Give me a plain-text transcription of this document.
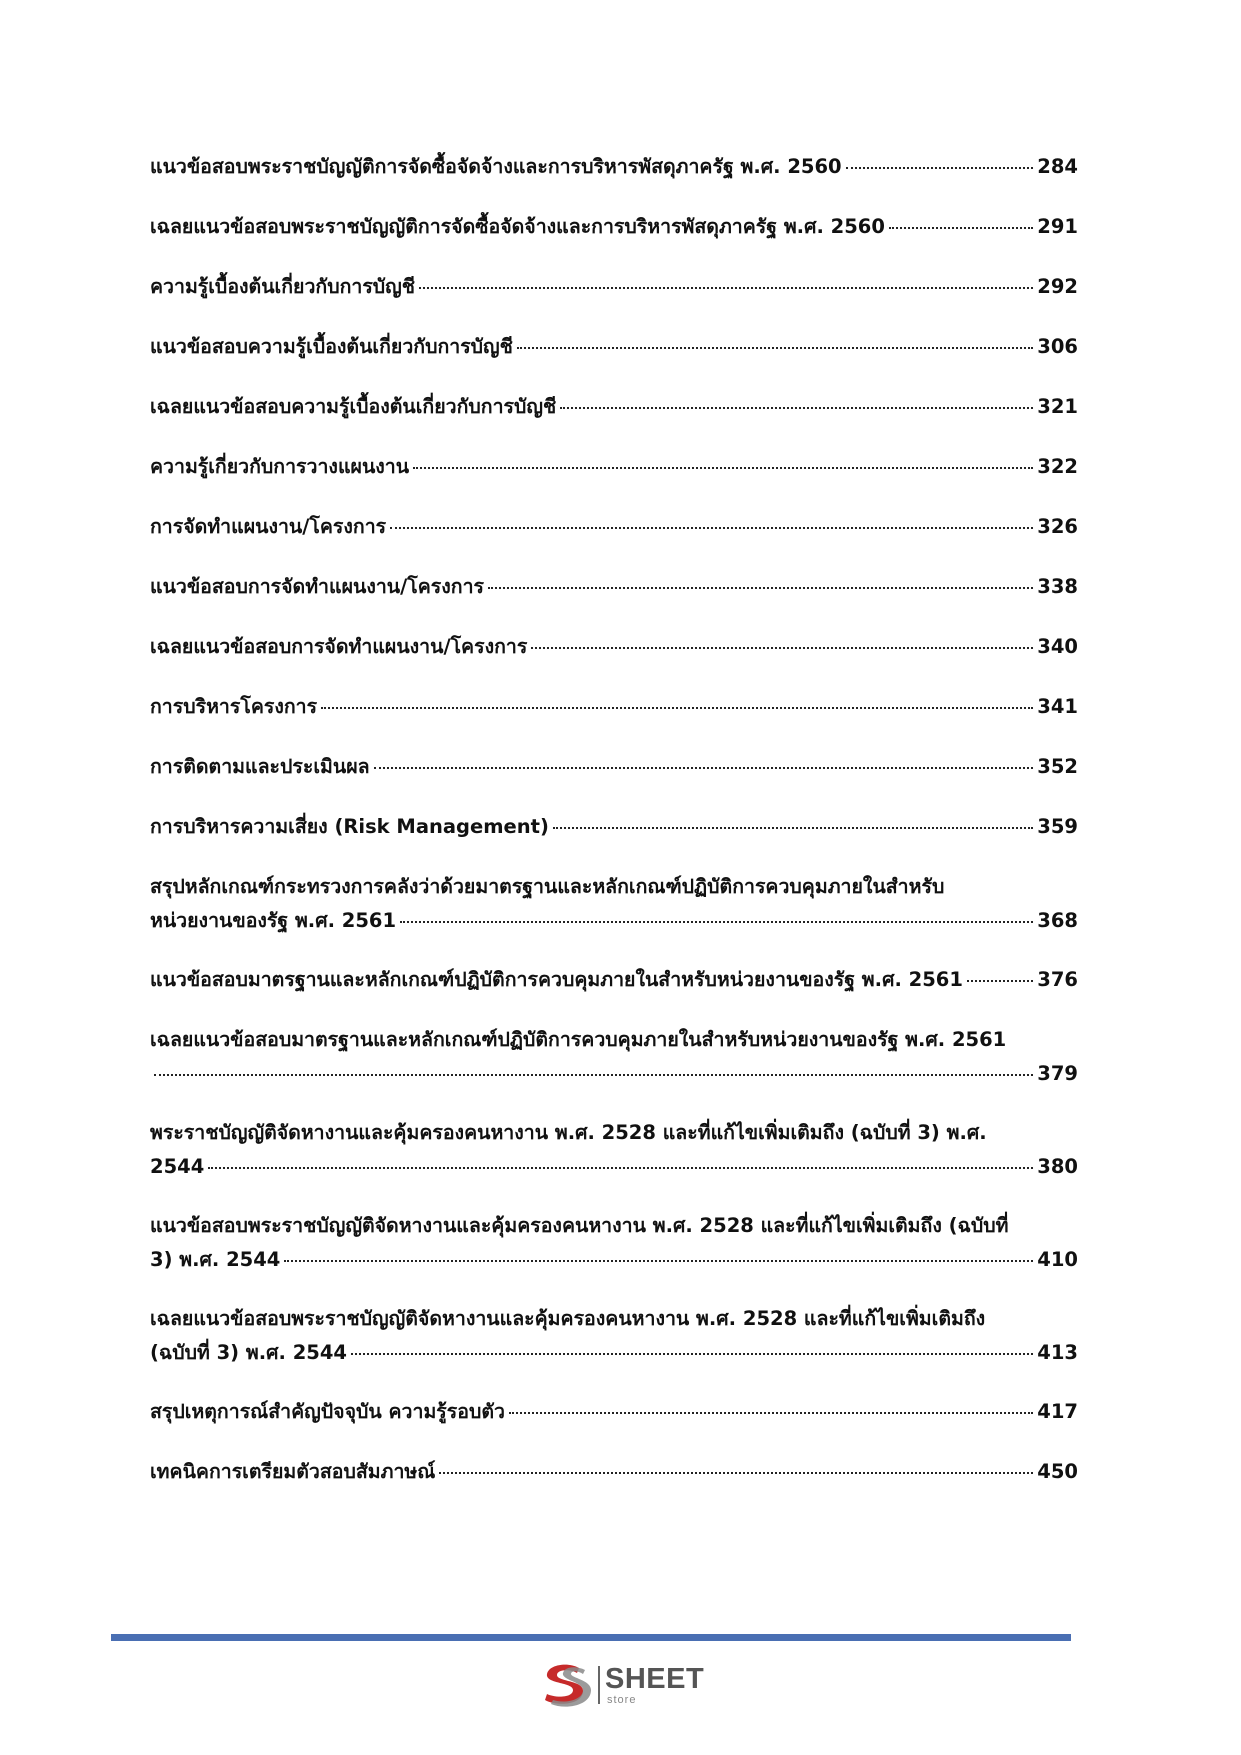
แนวข้อสอบพระราชบัญญัติการจัดซื้อจัดจ้างและการบริหารพัสดุภาครัฐ พ.ศ. 2560	284
เฉลยแนวข้อสอบพระราชบัญญัติการจัดซื้อจัดจ้างและการบริหารพัสดุภาครัฐ พ.ศ. 2560	291
ความรู้เบื้องต้นเกี่ยวกับการบัญชี	292
แนวข้อสอบความรู้เบื้องต้นเกี่ยวกับการบัญชี	306
เฉลยแนวข้อสอบความรู้เบื้องต้นเกี่ยวกับการบัญชี	321
ความรู้เกี่ยวกับการวางแผนงาน	322
การจัดทำแผนงาน/โครงการ	326
แนวข้อสอบการจัดทำแผนงาน/โครงการ	338
เฉลยแนวข้อสอบการจัดทำแผนงาน/โครงการ	340
การบริหารโครงการ	341
การติดตามและประเมินผล	352
การบริหารความเสี่ยง (Risk Management)	359
สรุปหลักเกณฑ์กระทรวงการคลังว่าด้วยมาตรฐานและหลักเกณฑ์ปฏิบัติการควบคุมภายในสำหรับ
หน่วยงานของรัฐ พ.ศ. 2561	368
แนวข้อสอบมาตรฐานและหลักเกณฑ์ปฏิบัติการควบคุมภายในสำหรับหน่วยงานของรัฐ พ.ศ. 2561	376
เฉลยแนวข้อสอบมาตรฐานและหลักเกณฑ์ปฏิบัติการควบคุมภายในสำหรับหน่วยงานของรัฐ พ.ศ. 2561
379
พระราชบัญญัติจัดหางานและคุ้มครองคนหางาน พ.ศ. 2528 และที่แก้ไขเพิ่มเติมถึง (ฉบับที่ 3) พ.ศ.
2544	380
แนวข้อสอบพระราชบัญญัติจัดหางานและคุ้มครองคนหางาน พ.ศ. 2528 และที่แก้ไขเพิ่มเติมถึง (ฉบับที่
3) พ.ศ. 2544	410
เฉลยแนวข้อสอบพระราชบัญญัติจัดหางานและคุ้มครองคนหางาน พ.ศ. 2528 และที่แก้ไขเพิ่มเติมถึง
(ฉบับที่ 3) พ.ศ. 2544	413
สรุปเหตุการณ์สำคัญปัจจุบัน ความรู้รอบตัว	417
เทคนิคการเตรียมตัวสอบสัมภาษณ์	450
SHEET
store
